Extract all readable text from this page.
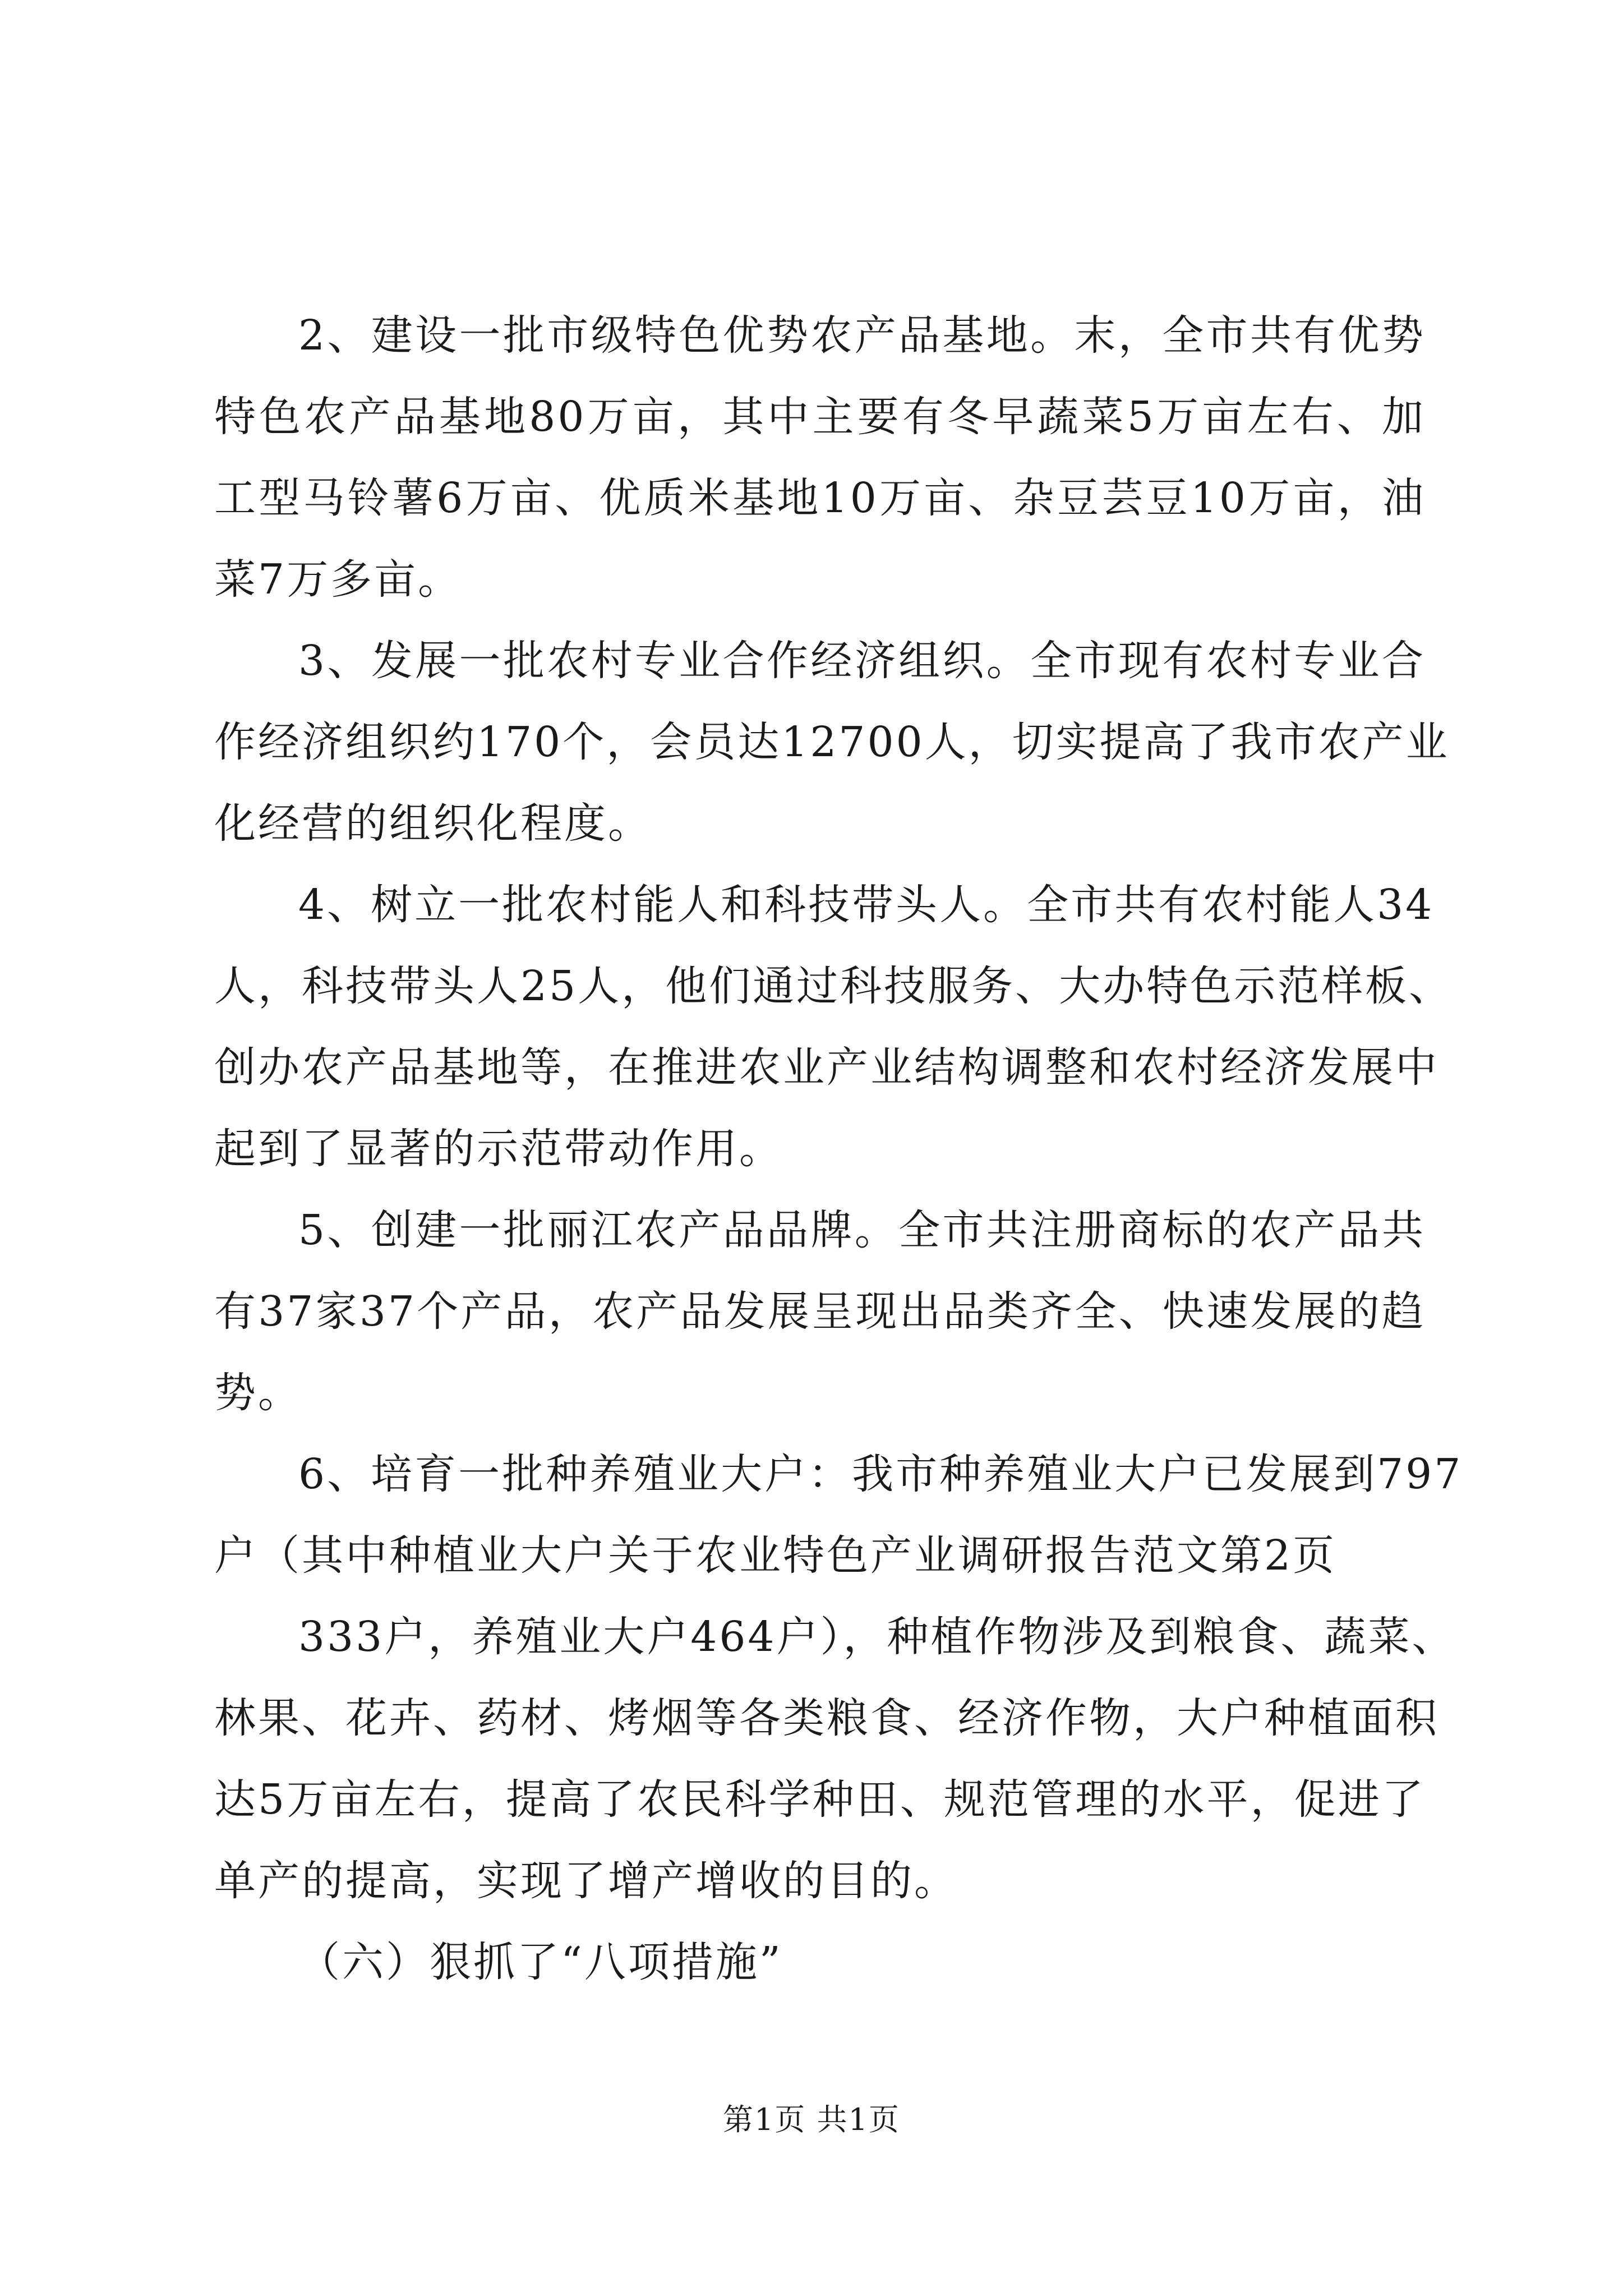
2、建设一批市级特色优势农产品基地。末，全市共有优势
特色农产品基地80万亩，其中主要有冬早蔬菜5万亩左右、加
工型马铃薯6万亩、优质米基地10万亩、杂豆芸豆10万亩，油
菜7万多亩。
3、发展一批农村专业合作经济组织。全市现有农村专业合
作经济组织约170个，会员达12700人，切实提高了我市农产业
化经营的组织化程度。
4、树立一批农村能人和科技带头人。全市共有农村能人34
人，科技带头人25人，他们通过科技服务、大办特色示范样板、
创办农产品基地等，在推进农业产业结构调整和农村经济发展中
起到了显著的示范带动作用。
5、创建一批丽江农产品品牌。全市共注册商标的农产品共
有37家37个产品，农产品发展呈现出品类齐全、快速发展的趋
势。
6、培育一批种养殖业大户：我市种养殖业大户已发展到797
户（其中种植业大户关于农业特色产业调研报告范文第2页
333户，养殖业大户464户），种植作物涉及到粮食、蔬菜、
林果、花卉、药材、烤烟等各类粮食、经济作物，大户种植面积
达5万亩左右，提高了农民科学种田、规范管理的水平，促进了
单产的提高，实现了增产增收的目的。
（六）狠抓了“八项措施”
第1页 共1页
